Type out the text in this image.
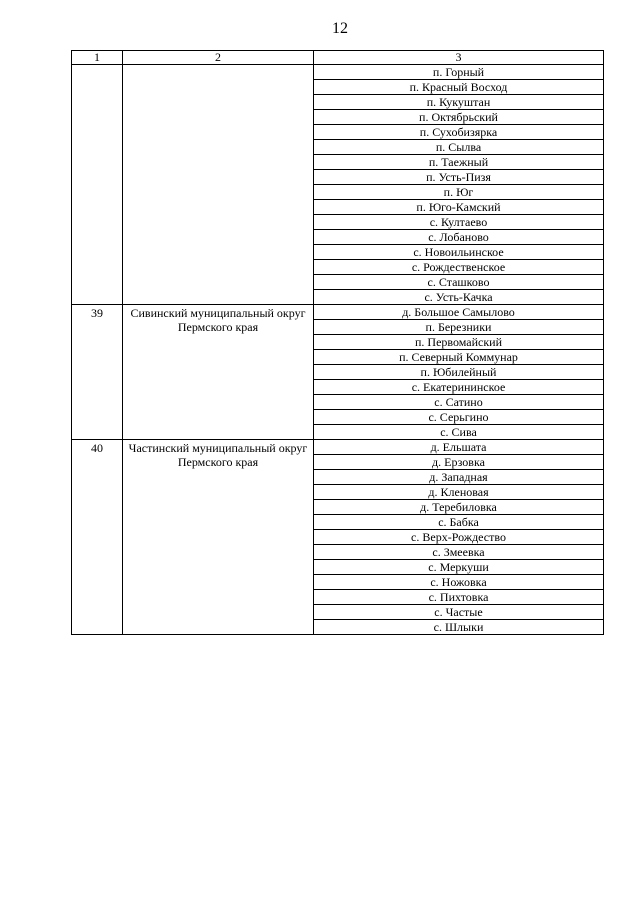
12
1	2	3
		п. Горный
		п. Красный Восход
		п. Кукуштан
		п. Октябрьский
		п. Сухобизярка
		п. Сылва
		п. Таежный
		п. Усть-Пизя
		п. Юг
		п. Юго-Камский
		с. Култаево
		с. Лобаново
		с. Новоильинское
		с. Рождественское
		с. Сташково
		с. Усть-Качка
39	Сивинский муниципальный округ Пермского края	д. Большое Самылово
		п. Березники
		п. Первомайский
		п. Северный Коммунар
		п. Юбилейный
		с. Екатерининское
		с. Сатино
		с. Серьгино
		с. Сива
40	Частинский муниципальный округ Пермского края	д. Ельшата
		д. Ерзовка
		д. Западная
		д. Кленовая
		д. Теребиловка
		с. Бабка
		с. Верх-Рождество
		с. Змеевка
		с. Меркуши
		с. Ножовка
		с. Пихтовка
		с. Частые
		с. Шлыки
